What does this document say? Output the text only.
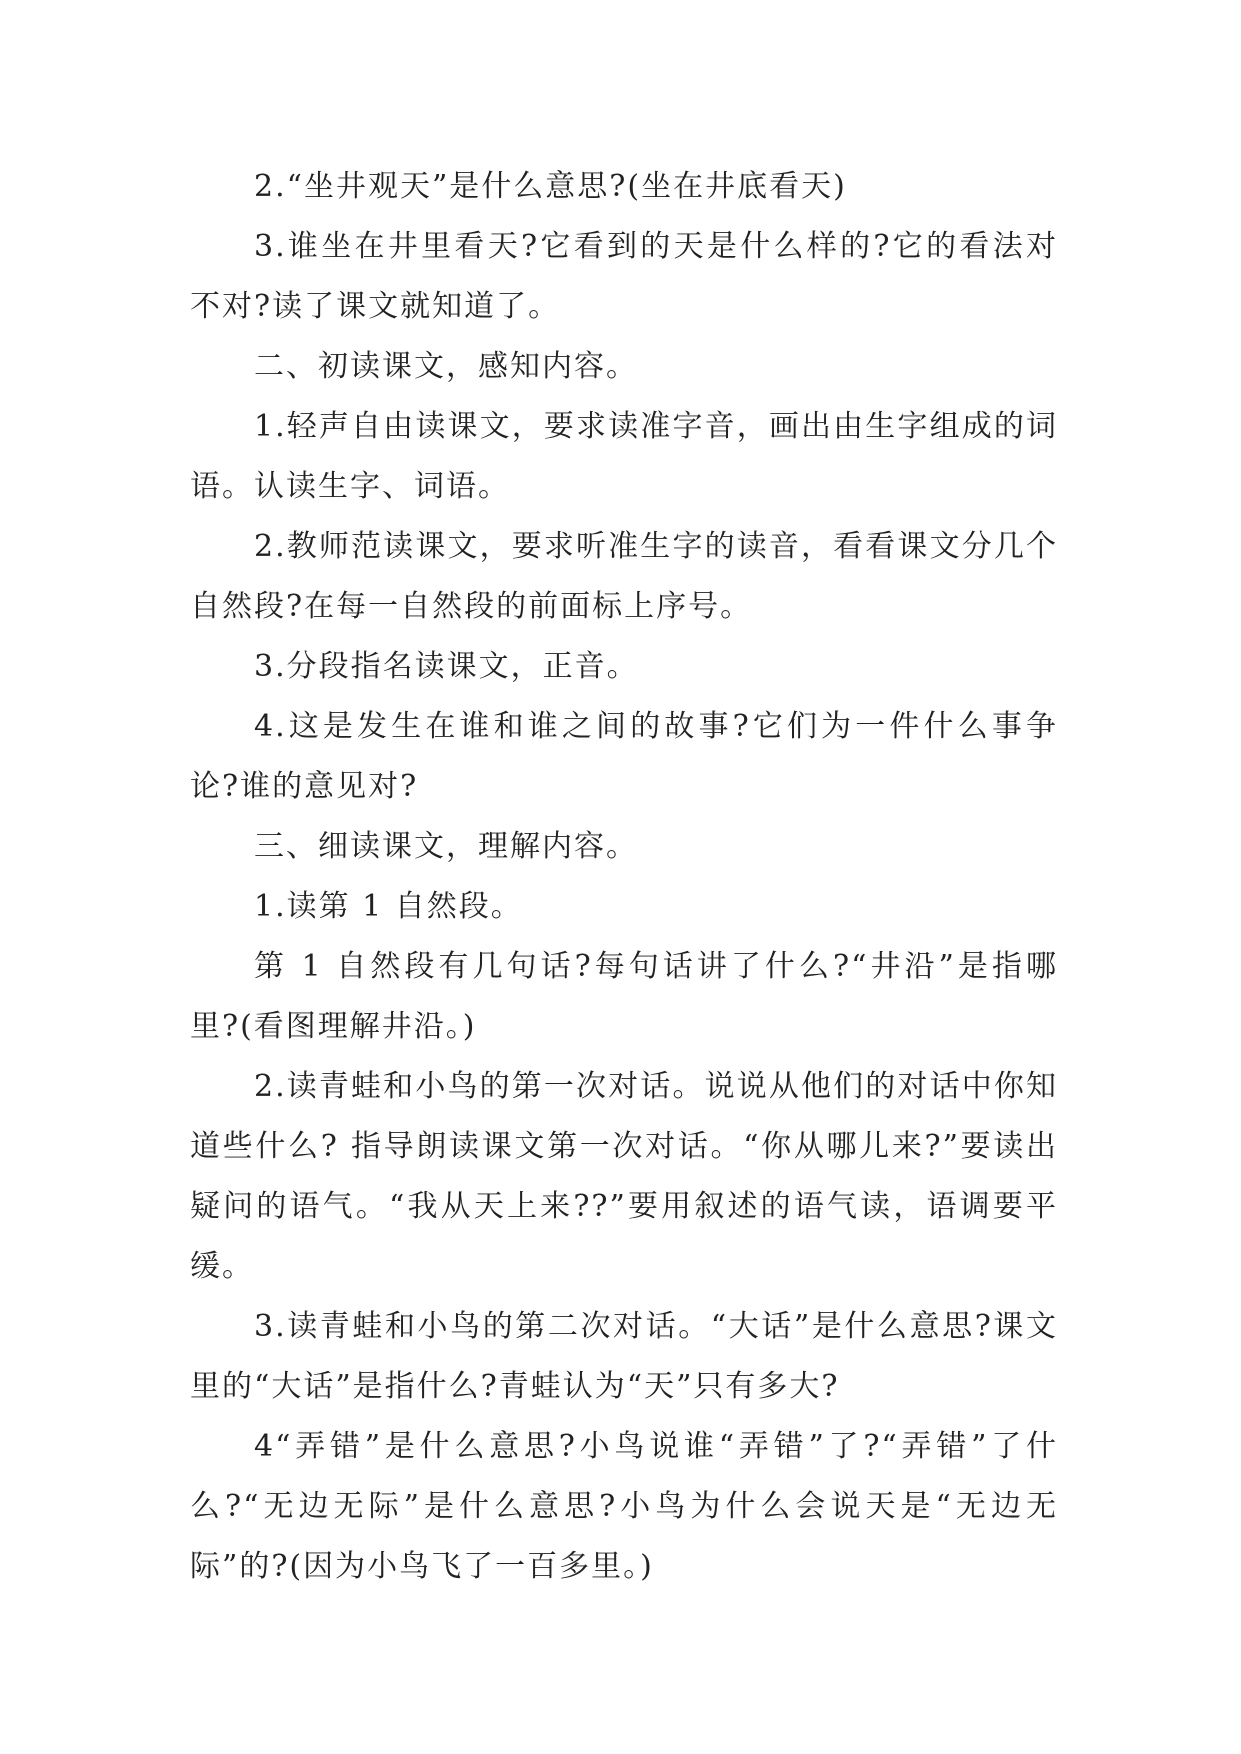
2.“坐井观天”是什么意思?(坐在井底看天)

3.谁坐在井里看天?它看到的天是什么样的?它的看法对不对?读了课文就知道了。

二、初读课文，感知内容。

1.轻声自由读课文，要求读准字音，画出由生字组成的词语。认读生字、词语。

2.教师范读课文，要求听准生字的读音，看看课文分几个自然段?在每一自然段的前面标上序号。

3.分段指名读课文，正音。

4.这是发生在谁和谁之间的故事?它们为一件什么事争论?谁的意见对?

三、细读课文，理解内容。

1.读第 1 自然段。

第 1 自然段有几句话?每句话讲了什么?“井沿”是指哪里?(看图理解井沿。)

2.读青蛙和小鸟的第一次对话。说说从他们的对话中你知道些什么? 指导朗读课文第一次对话。“你从哪儿来?”要读出疑问的语气。“我从天上来??”要用叙述的语气读，语调要平缓。

3.读青蛙和小鸟的第二次对话。“大话”是什么意思?课文里的“大话”是指什么?青蛙认为“天”只有多大?

4“弄错”是什么意思?小鸟说谁“弄错”了?“弄错”了什么?“无边无际”是什么意思?小鸟为什么会说天是“无边无际”的?(因为小鸟飞了一百多里。)
